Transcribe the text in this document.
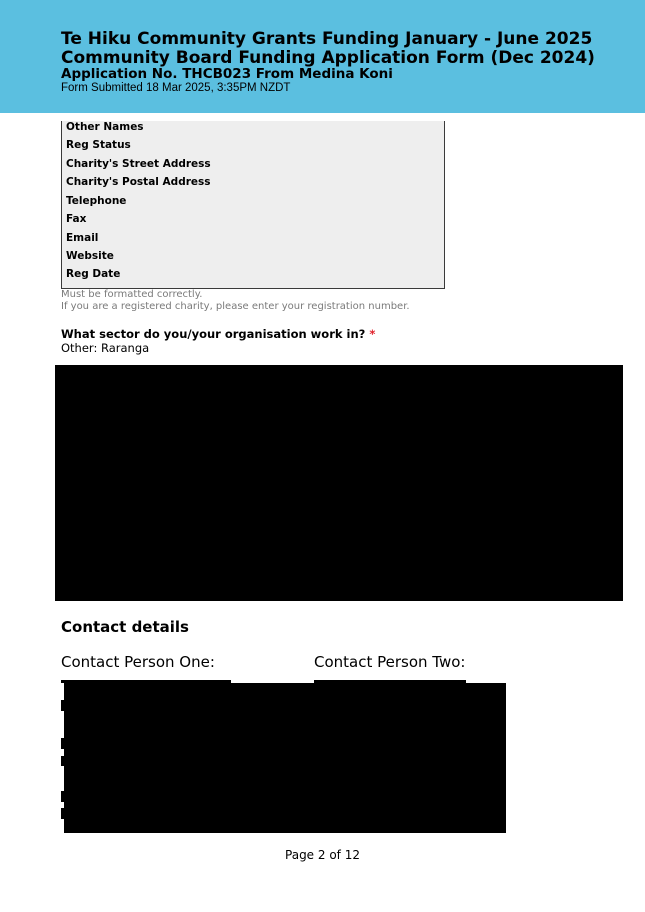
Te Hiku Community Grants Funding January - June 2025
Community Board Funding Application Form (Dec 2024)
Application No. THCB023 From Medina Koni
Form Submitted 18 Mar 2025, 3:35PM NZDT
Other Names
Reg Status
Charity's Street Address
Charity's Postal Address
Telephone
Fax
Email
Website
Reg Date
Must be formatted correctly.
If you are a registered charity, please enter your registration number.
What sector do you/your organisation work in? *
Other: Raranga
Contact details
Contact Person One:	Contact Person Two:
Page 2 of 12
